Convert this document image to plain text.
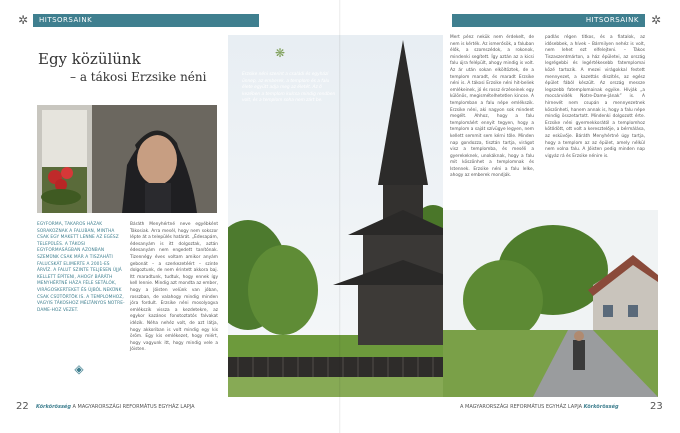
✲	HITSORSAINK	HITSORSAINK ✲
Egy közülünk
– a tákosi Erzsike néni
EGYFORMA, TAKAROS HÁZAK SORAKOZNAK A FALUBAN, MINTHA CSAK EGY MAKETT LENNE AZ EGÉSZ TELEPÜLÉS. A TÁKOSI EGYFORMASÁGBAN AZONBAN SZEMÜNK CSAK MÁR A TISZAHÁTI FALUCSKÁT ELIMERTE A 2001-ES ÁRVÍZ. A FALUT SZINTE TELJESEN ÚJJÁ KELLETT ÉPÍTENI, AHOGY BÁRÁTH MENYHÉRTNÉ HÁZA FÉLE SETÁLÓK, VIRÁGOSKERTEKET ÉS ÚJBÓL NEKÜNK CSAK CSÜTÖRTÖK IS. A TEMPLOMHOZ, VAGYIS TÁKOSHOZ MÉLTÁNYOS NOTRE-DAME-HOZ VEZET.
Báráth Menyhértné neve egyébként Tákosiak. Arra mesél, hogy nem sokszor lépte át a település határát. „Édesapám, édesanyám is itt dolgoztak, aztán édesanyám nem engedett tanítónak. Tizennégy éves voltam amikor anyám gebonát – a szerkezetéért – szinte dolgoztunk, de nem érintett akkora baj. Itt maradtunk, tudtuk, hogy ennek így kell lennie. Mindig azt mondta az ember, hogy a Jóisten velünk van jóban, rosszban, de valahogy mindig minden jóra fordult. Erzsike néni mosolyogva emlékszik vissza a kezdetekre, az egykor kazános fonotoztatós falvakat idézik. Néha nehéz volt, de azt látja, hogy akkoriban is volt mindig egy kis öröm. Egy kis emlékezet, hogy miért, hogy vagyunk itt, hogy mindig vele a Jóisten.
◈
❋
Erzsike néni szerint a családi és egyházi ünnep, az emberek, a templom és a falu élete együtt adja meg az életét. Az ő kezében a templom kulcsa mindig rendben volt, és a templom soha nem zárt be.
Mert pénz nekük nem érdekelt, de nem is kérték. Az ismerősök, a faluban élők, a szomszédok, a rokonok, mindenki segített. Így aztán az a kicsi falu újra felépült, ahogy mindig is volt. Az ár után sokan elköltöztek, de a templom maradt, és maradt Erzsike néni is. A tákosi Erzsike néni hit-beliek emlékeinek, jó és rossz érzéseinek egy különös, megismételhetetlen kincse. A templomban a falu népe emlékszik. Erzsike néni, aki nagyon sok mindent megélt. Ahhoz, hogy a falu templomáért ennyit tegyen, hogy a templom a saját szívügye legyen, nem kellett semmit sem kérni tőle. Minden nap gondozza, tisztán tartja, virágot visz a templomba, és meséli a gyerekeknek, unokáknak, hogy a falu mit köszönhet a templomnak és Istennek. Erzsike néni a falu lelke, ahogy az emberek mondják.
padlás régen titkos, és a fiatalok, az idősebbek, a hívek – Bármilyen nehéz is volt, nem lehet ezt elfelejteni. – Tákos Tiszaszentmárton, a ház épületei, az ország legrégebbi és legértékesebb fatemplomai közé tartozik. A mezei virágokkal festett mennyezet, a kazettás díszítés, az egész épület fából készült. Az ország messze legszebb fatemplomainak egyike. Hívják „a mocsárvidék Notre-Dame-jának” is. A hírnevét nem csupán a mennyezetnek köszönheti, hanem annak is, hogy a falu népe mindig összetartott. Mindenki dolgozott érte. Erzsike néni gyermekkorától a templomhoz kötődött, ott volt a keresztelője, a bérmálása, az esküvője. Báráth Menyhértné úgy tartja, hogy a templom az az épület, amely nélkül nem volna falu. A Jóisten pedig minden nap vigyáz rá és Erzsike nénire is.
22 Körkörösség A MAGYARORSZÁGI REFORMÁTUS EGYHÁZ LAPJA	A MAGYARORSZÁGI REFORMÁTUS EGYHÁZ LAPJA Körkörösség	23
